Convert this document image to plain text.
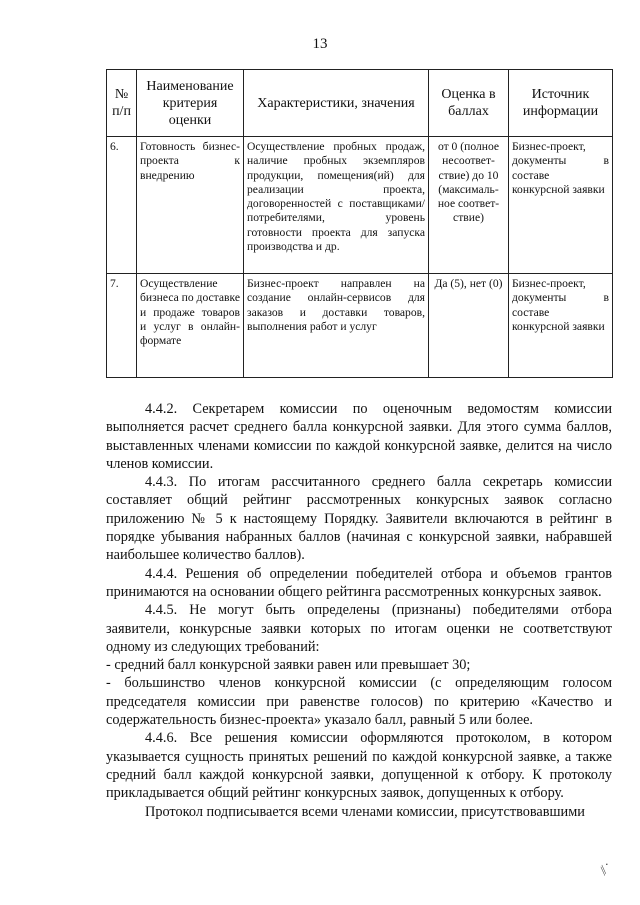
13
№ п/п	Наименование критерия оценки	Характеристики, значения	Оценка в баллах	Источник информации
6.	Готовность бизнес-проекта к внедрению	Осуществление пробных продаж, наличие пробных экземпляров продукции, помещения(ий) для реализации проекта, договоренностей с поставщиками/потребителями, уровень готовности проекта для запуска производства и др.	от 0 (полное несоответ- ствие) до 10 (максималь- ное соответ- ствие)	Бизнес-проект, документы в составе конкурсной заявки
7.	Осуществление бизнеса по доставке и продаже товаров и услуг в онлайн-формате	Бизнес-проект направлен на создание онлайн-сервисов для заказов и доставки товаров, выполнения работ и услуг	Да (5), нет (0)	Бизнес-проект, документы в составе конкурсной заявки

4.4.2. Секретарем комиссии по оценочным ведомостям комиссии выполняется расчет среднего балла конкурсной заявки. Для этого сумма баллов, выставленных членами комиссии по каждой конкурсной заявке, делится на число членов комиссии.

4.4.3. По итогам рассчитанного среднего балла секретарь комиссии составляет общий рейтинг рассмотренных конкурсных заявок согласно приложению № 5 к настоящему Порядку. Заявители включаются в рейтинг в порядке убывания набранных баллов (начиная с конкурсной заявки, набравшей наибольшее количество баллов).

4.4.4. Решения об определении победителей отбора и объемов грантов принимаются на основании общего рейтинга рассмотренных конкурсных заявок.

4.4.5. Не могут быть определены (признаны) победителями отбора заявители, конкурсные заявки которых по итогам оценки не соответствуют одному из следующих требований:

- средний балл конкурсной заявки равен или превышает 30;

- большинство членов конкурсной комиссии (с определяющим голосом председателя комиссии при равенстве голосов) по критерию «Качество и содержательность бизнес-проекта» указало балл, равный 5 или более.

4.4.6. Все решения комиссии оформляются протоколом, в котором указывается сущность принятых решений по каждой конкурсной заявке, а также средний балл каждой конкурсной заявки, допущенной к отбору. К протоколу прикладывается общий рейтинг конкурсных заявок, допущенных к отбору.

Протокол подписывается всеми членами комиссии, присутствовавшими

⁄⁄ ·
